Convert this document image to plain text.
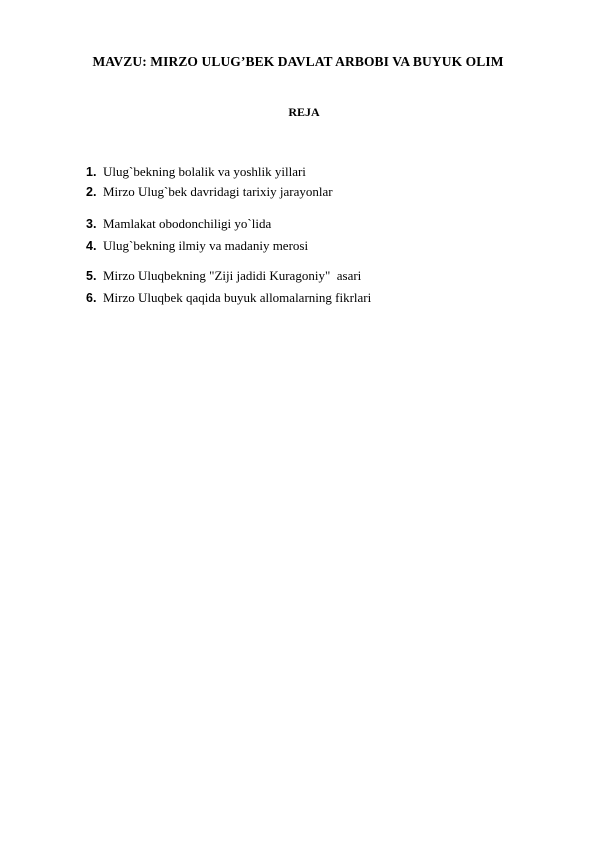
MAVZU: MIRZO ULUG’BEK DAVLAT ARBOBI VA BUYUK OLIM
REJA
1. Ulug`bekning bolalik va yoshlik yillari
2. Mirzo Ulug`bek davridagi tarixiy jarayonlar
3. Mamlakat obodonchiligi yo`lida
4. Ulug`bekning ilmiy va madaniy merosi
5. Mirzo Uluqbekning "Ziji jadidi Kuragoniy"  asari
6. Mirzo Uluqbek qaqida buyuk allomalarning fikrlari
